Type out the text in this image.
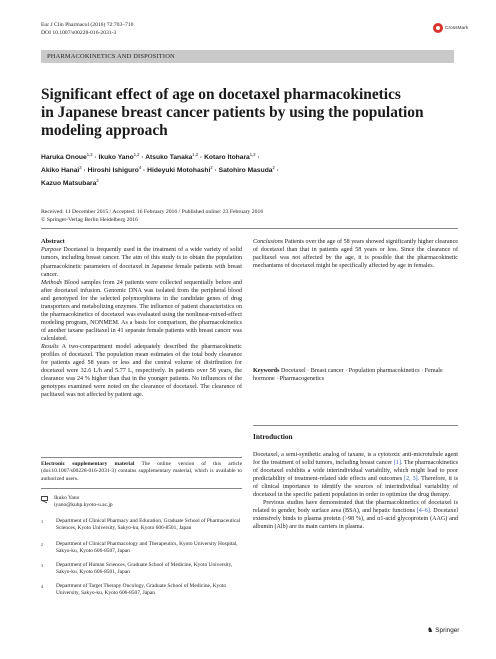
Eur J Clin Pharmacol (2016) 72:703–710
DOI 10.1007/s00228-016-2031-3
CrossMark
PHARMACOKINETICS AND DISPOSITION
Significant effect of age on docetaxel pharmacokinetics
in Japanese breast cancer patients by using the population
modeling approach
Haruka Onoue$^{1,2}$ · Ikuko Yano$^{1,2}$ · Atsuko Tanaka$^{1,2}$ · Kotaro Itohara$^{1,2}$ ·
Akiko Hanai$^3$ · Hiroshi Ishiguro$^4$ · Hideyuki Motohashi$^2$ · Satohiro Masuda$^2$ ·
Kazuo Matsubara$^2$
Received: 11 December 2015 / Accepted: 16 February 2016 / Published online: 23 February 2016
© Springer-Verlag Berlin Heidelberg 2016

Abstract

Purpose Docetaxel is frequently used in the treatment of a wide variety of solid tumors, including breast cancer. The aim of this study is to obtain the population pharmacokinetic parameters of docetaxel in Japanese female patients with breast cancer.

Methods Blood samples from 24 patients were collected sequentially before and after docetaxel infusion. Genomic DNA was isolated from the peripheral blood and genotyped for the selected polymorphisms in the candidate genes of drug transporters and metabolizing enzymes. The influence of patient characteristics on the pharmacokinetics of docetaxel was evaluated using the nonlinear-mixed-effect modeling program, NONMEM. As a basis for comparison, the pharmacokinetics of another taxane paclitaxel in 41 separate female patients with breast cancer was calculated.

Results A two-compartment model adequately described the pharmacokinetic profiles of docetaxel. The population mean estimates of the total body clearance for patients aged 58 years or less and the central volume of distribution for docetaxel were 32.6 L/h and 5.77 L, respectively. In patients over 58 years, the clearance was 24 % higher than that in the younger patients. No influences of the genotypes examined were noted on the clearance of docetaxel. The clearance of paclitaxel was not affected by patient age.

Conclusions Patients over the age of 58 years showed significantly higher clearance of docetaxel than that in patients aged 58 years or less. Since the clearance of paclitaxel was not affected by the age, it is possible that the pharmacokinetic mechanisms of docetaxel might be specifically affected by age in females.

Keywords Docetaxel · Breast cancer · Population pharmacokinetics · Female hormone · Pharmacogenetics
Introduction

Docetaxel, a semi-synthetic analog of taxane, is a cytotoxic anti-microtubule agent for the treatment of solid tumors, including breast cancer [1]. The pharmacokinetics of docetaxel exhibits a wide interindividual variability, which might lead to poor predictability of treatment-related side effects and outcomes [2, 3]. Therefore, it is of clinical importance to identify the sources of interindividual variability of docetaxel in the specific patient population in order to optimize the drug therapy.

Previous studies have demonstrated that the pharmacokinetics of docetaxel is related to gender, body surface area (BSA), and hepatic functions [4–6]. Docetaxel extensively binds to plasma protein (>98 %), and α1-acid glycoprotein (AAG) and albumin (Alb) are its main carriers in plasma.

Electronic supplementary material The online version of this article (doi:10.1007/s00228-016-2031-3) contains supplementary material, which is available to authorized users.
Ikuko Yano
iyano@kuhp.kyoto-u.ac.jp
1	Department of Clinical Pharmacy and Education, Graduate School of Pharmaceutical Sciences, Kyoto University, Sakyo-ku, Kyoto 606-8501, Japan
2	Department of Clinical Pharmacology and Therapeutics, Kyoto University Hospital, Sakyo-ku, Kyoto 606-8507, Japan
3	Department of Human Sciences, Graduate School of Medicine, Kyoto University, Sakyo-ku, Kyoto 606-8501, Japan
4	Department of Target Therapy Oncology, Graduate School of Medicine, Kyoto University, Sakyo-ku, Kyoto 606-8507, Japan
♞ Springer
